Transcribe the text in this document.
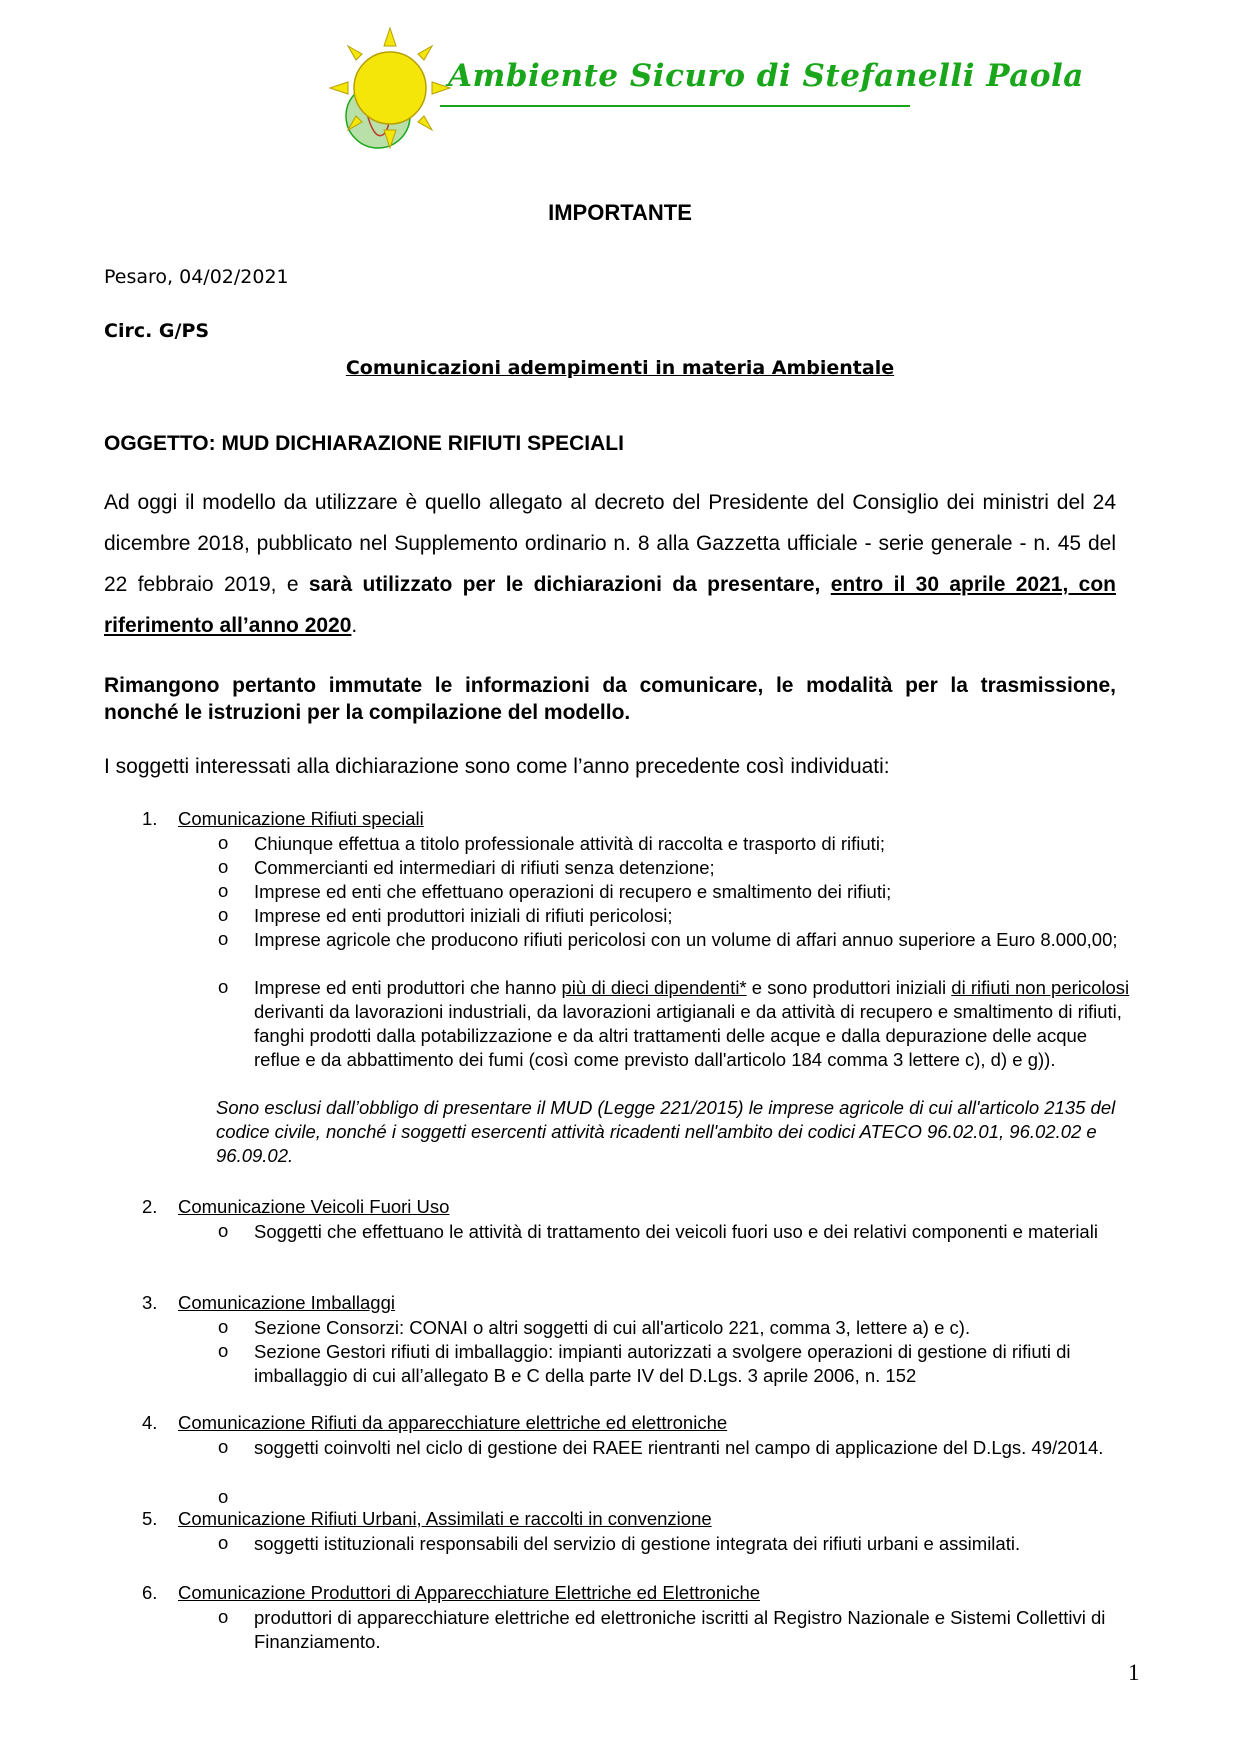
Ambiente Sicuro di Stefanelli Paola
IMPORTANTE
Pesaro, 04/02/2021
Circ. G/PS
Comunicazioni adempimenti in materia Ambientale
OGGETTO: MUD DICHIARAZIONE RIFIUTI SPECIALI
Ad oggi il modello da utilizzare è quello allegato al decreto del Presidente del Consiglio dei ministri del 24 dicembre 2018, pubblicato nel Supplemento ordinario n. 8 alla Gazzetta ufficiale - serie generale - n. 45 del 22 febbraio 2019, e sarà utilizzato per le dichiarazioni da presentare, entro il 30 aprile 2021, con riferimento all’anno 2020.
Rimangono pertanto immutate le informazioni da comunicare, le modalità per la trasmissione, nonché le istruzioni per la compilazione del modello.
I soggetti interessati alla dichiarazione sono come l’anno precedente così individuati:
1. Comunicazione Rifiuti speciali
o Chiunque effettua a titolo professionale attività di raccolta e trasporto di rifiuti;
o Commercianti ed intermediari di rifiuti senza detenzione;
o Imprese ed enti che effettuano operazioni di recupero e smaltimento dei rifiuti;
o Imprese ed enti produttori iniziali di rifiuti pericolosi;
o Imprese agricole che producono rifiuti pericolosi con un volume di affari annuo superiore a Euro 8.000,00;
o Imprese ed enti produttori che hanno più di dieci dipendenti* e sono produttori iniziali di rifiuti non pericolosi derivanti da lavorazioni industriali, da lavorazioni artigianali e da attività di recupero e smaltimento di rifiuti, fanghi prodotti dalla potabilizzazione e da altri trattamenti delle acque e dalla depurazione delle acque reflue e da abbattimento dei fumi (così come previsto dall'articolo 184 comma 3 lettere c), d) e g)).
Sono esclusi dall’obbligo di presentare il MUD (Legge 221/2015) le imprese agricole di cui all'articolo 2135 del codice civile, nonché i soggetti esercenti attività ricadenti nell'ambito dei codici ATECO 96.02.01, 96.02.02 e 96.09.02.
2. Comunicazione Veicoli Fuori Uso
o Soggetti che effettuano le attività di trattamento dei veicoli fuori uso e dei relativi componenti e materiali
3. Comunicazione Imballaggi
o Sezione Consorzi: CONAI o altri soggetti di cui all'articolo 221, comma 3, lettere a) e c).
o Sezione Gestori rifiuti di imballaggio: impianti autorizzati a svolgere operazioni di gestione di rifiuti di imballaggio di cui all’allegato B e C della parte IV del D.Lgs. 3 aprile 2006, n. 152
4. Comunicazione Rifiuti da apparecchiature elettriche ed elettroniche
o soggetti coinvolti nel ciclo di gestione dei RAEE rientranti nel campo di applicazione del D.Lgs. 49/2014.
o
5. Comunicazione Rifiuti Urbani, Assimilati e raccolti in convenzione
o soggetti istituzionali responsabili del servizio di gestione integrata dei rifiuti urbani e assimilati.
6. Comunicazione Produttori di Apparecchiature Elettriche ed Elettroniche
o produttori di apparecchiature elettriche ed elettroniche iscritti al Registro Nazionale e Sistemi Collettivi di Finanziamento.
1
